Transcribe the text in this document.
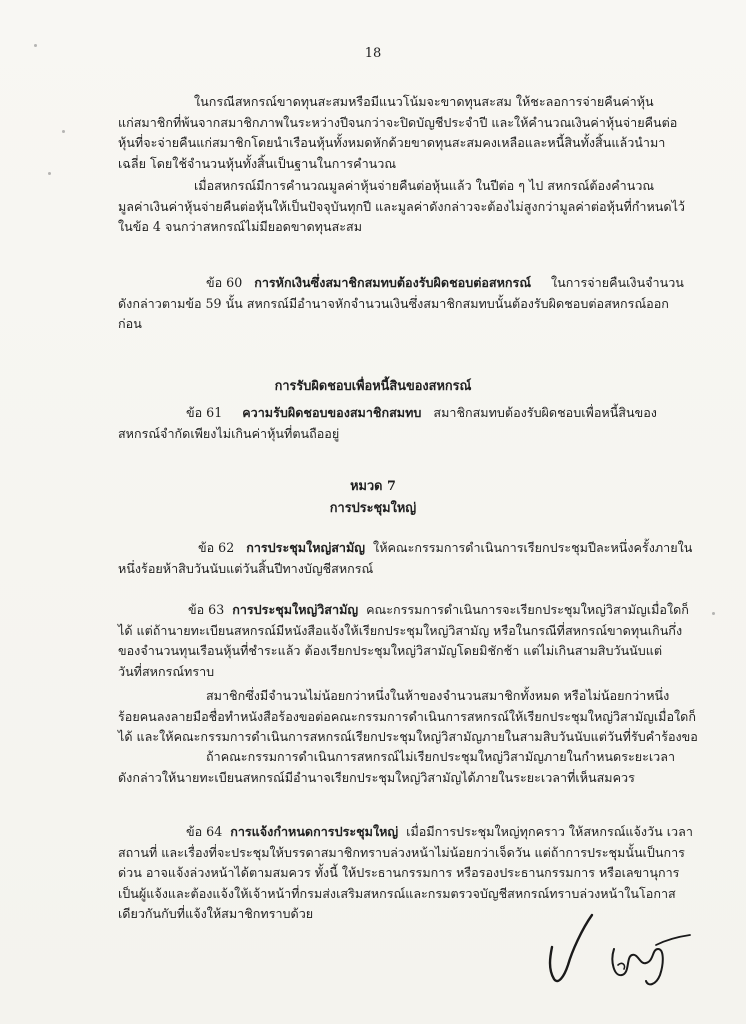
18
ในกรณีสหกรณ์ขาดทุนสะสมหรือมีแนวโน้มจะขาดทุนสะสม ให้ชะลอการจ่ายคืนค่าหุ้น
แก่สมาชิกที่พ้นจากสมาชิกภาพในระหว่างปีจนกว่าจะปิดบัญชีประจำปี และให้คำนวณเงินค่าหุ้นจ่ายคืนต่อ
หุ้นที่จะจ่ายคืนแก่สมาชิกโดยนำเรือนหุ้นทั้งหมดหักด้วยขาดทุนสะสมคงเหลือและหนี้สินทั้งสิ้นแล้วนำมา
เฉลี่ย โดยใช้จำนวนหุ้นทั้งสิ้นเป็นฐานในการคำนวณ
เมื่อสหกรณ์มีการคำนวณมูลค่าหุ้นจ่ายคืนต่อหุ้นแล้ว ในปีต่อ ๆ ไป สหกรณ์ต้องคำนวณ
มูลค่าเงินค่าหุ้นจ่ายคืนต่อหุ้นให้เป็นปัจจุบันทุกปี และมูลค่าดังกล่าวจะต้องไม่สูงกว่ามูลค่าต่อหุ้นที่กำหนดไว้
ในข้อ 4 จนกว่าสหกรณ์ไม่มียอดขาดทุนสะสม
ข้อ 60 การหักเงินซึ่งสมาชิกสมทบต้องรับผิดชอบต่อสหกรณ์ ในการจ่ายคืนเงินจำนวน
ดังกล่าวตามข้อ 59 นั้น สหกรณ์มีอำนาจหักจำนวนเงินซึ่งสมาชิกสมทบนั้นต้องรับผิดชอบต่อสหกรณ์ออก
ก่อน
การรับผิดชอบเพื่อหนี้สินของสหกรณ์
ข้อ 61 ความรับผิดชอบของสมาชิกสมทบ สมาชิกสมทบต้องรับผิดชอบเพื่อหนี้สินของ
สหกรณ์จำกัดเพียงไม่เกินค่าหุ้นที่ตนถืออยู่
หมวด 7
การประชุมใหญ่
ข้อ 62 การประชุมใหญ่สามัญ ให้คณะกรรมการดำเนินการเรียกประชุมปีละหนึ่งครั้งภายใน
หนึ่งร้อยห้าสิบวันนับแต่วันสิ้นปีทางบัญชีสหกรณ์
ข้อ 63 การประชุมใหญ่วิสามัญ คณะกรรมการดำเนินการจะเรียกประชุมใหญ่วิสามัญเมื่อใดก็
ได้ แต่ถ้านายทะเบียนสหกรณ์มีหนังสือแจ้งให้เรียกประชุมใหญ่วิสามัญ หรือในกรณีที่สหกรณ์ขาดทุนเกินกึ่ง
ของจำนวนทุนเรือนหุ้นที่ชำระแล้ว ต้องเรียกประชุมใหญ่วิสามัญโดยมิชักช้า แต่ไม่เกินสามสิบวันนับแต่
วันที่สหกรณ์ทราบ
สมาชิกซึ่งมีจำนวนไม่น้อยกว่าหนึ่งในห้าของจำนวนสมาชิกทั้งหมด หรือไม่น้อยกว่าหนึ่ง
ร้อยคนลงลายมือชื่อทำหนังสือร้องขอต่อคณะกรรมการดำเนินการสหกรณ์ให้เรียกประชุมใหญ่วิสามัญเมื่อใดก็
ได้ และให้คณะกรรมการดำเนินการสหกรณ์เรียกประชุมใหญ่วิสามัญภายในสามสิบวันนับแต่วันที่รับคำร้องขอ
ถ้าคณะกรรมการดำเนินการสหกรณ์ไม่เรียกประชุมใหญ่วิสามัญภายในกำหนดระยะเวลา
ดังกล่าวให้นายทะเบียนสหกรณ์มีอำนาจเรียกประชุมใหญ่วิสามัญได้ภายในระยะเวลาที่เห็นสมควร
ข้อ 64 การแจ้งกำหนดการประชุมใหญ่ เมื่อมีการประชุมใหญ่ทุกคราว ให้สหกรณ์แจ้งวัน เวลา
สถานที่ และเรื่องที่จะประชุมให้บรรดาสมาชิกทราบล่วงหน้าไม่น้อยกว่าเจ็ดวัน แต่ถ้าการประชุมนั้นเป็นการ
ด่วน อาจแจ้งล่วงหน้าได้ตามสมควร ทั้งนี้ ให้ประธานกรรมการ หรือรองประธานกรรมการ หรือเลขานุการ
เป็นผู้แจ้งและต้องแจ้งให้เจ้าหน้าที่กรมส่งเสริมสหกรณ์และกรมตรวจบัญชีสหกรณ์ทราบล่วงหน้าในโอกาส
เดียวกันกับที่แจ้งให้สมาชิกทราบด้วย
